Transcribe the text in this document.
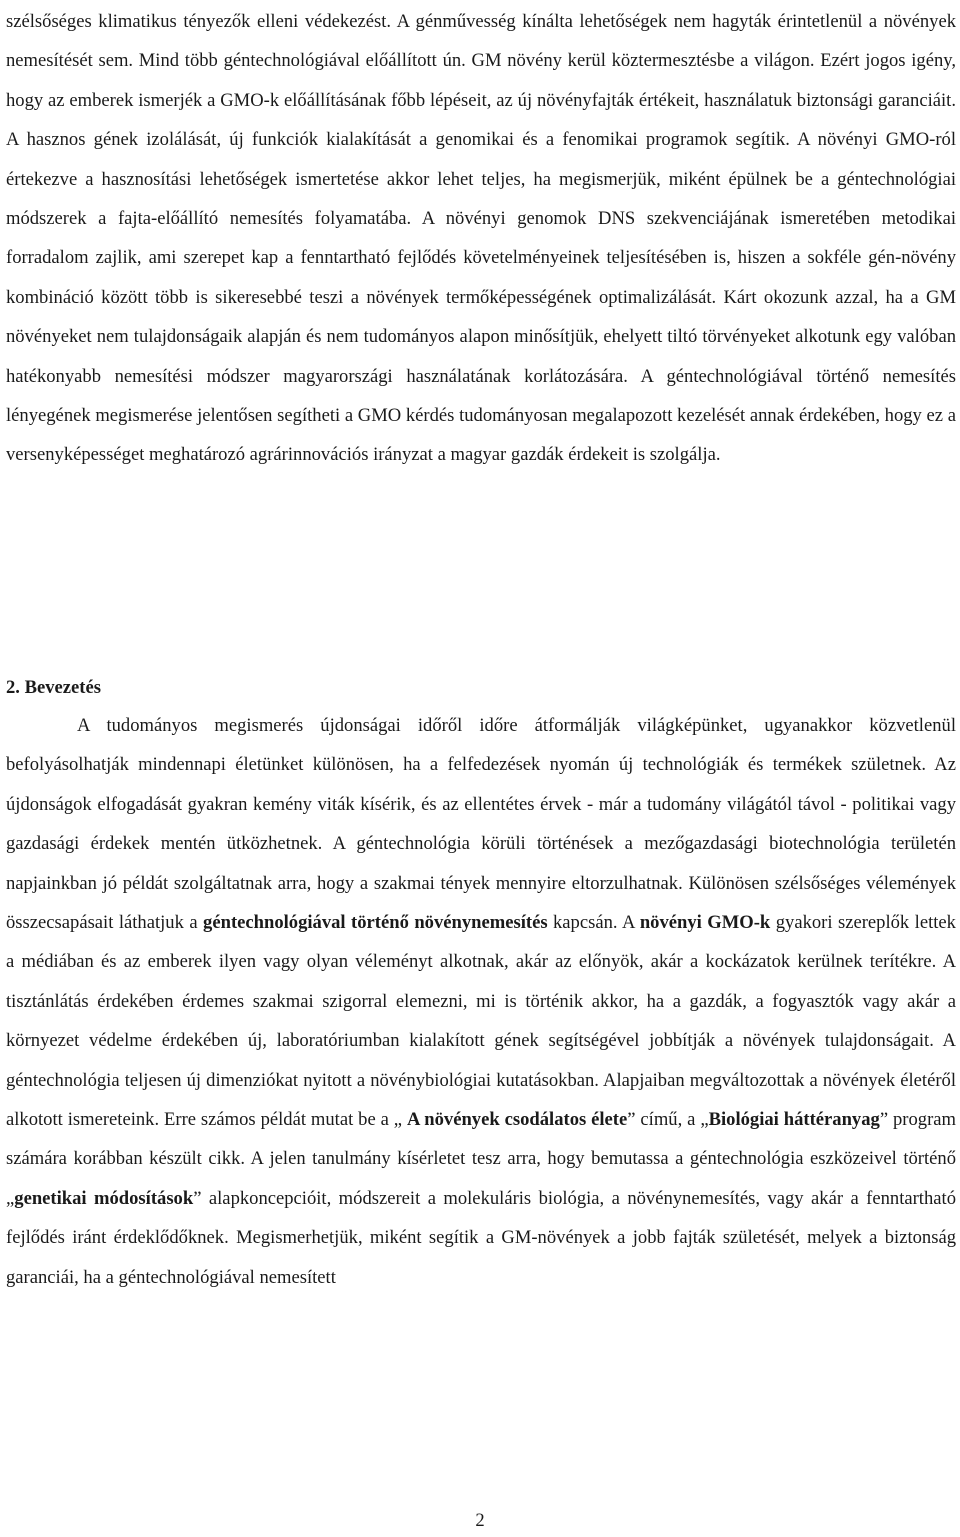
szélsőséges klimatikus tényezők elleni védekezést. A génművesség kínálta lehetőségek nem hagyták érintetlenül a növények nemesítését sem. Mind több géntechnológiával előállított ún. GM növény kerül köztermesztésbe a világon. Ezért jogos igény, hogy az emberek ismerjék a GMO-k előállításának főbb lépéseit, az új növényfajták értékeit, használatuk biztonsági garanciáit. A hasznos gének izolálását, új funkciók kialakítását a genomikai és a fenomikai programok segítik. A növényi GMO-ról értekezve a hasznosítási lehetőségek ismertetése akkor lehet teljes, ha megismerjük, miként épülnek be a géntechnológiai módszerek a fajta-előállító nemesítés folyamatába. A növényi genomok DNS szekvenciájának ismeretében metodikai forradalom zajlik, ami szerepet kap a fenntartható fejlődés követelményeinek teljesítésében is, hiszen a sokféle gén-növény kombináció között több is sikeresebbé teszi a növények termőképességének optimalizálását. Kárt okozunk azzal, ha a GM növényeket nem tulajdonságaik alapján és nem tudományos alapon minősítjük, ehelyett tiltó törvényeket alkotunk egy valóban hatékonyabb nemesítési módszer magyarországi használatának korlátozására. A géntechnológiával történő nemesítés lényegének megismerése jelentősen segítheti a GMO kérdés tudományosan megalapozott kezelését annak érdekében, hogy ez a versenyképességet meghatározó agrárinnovációs irányzat a magyar gazdák érdekeit is szolgálja.

2. Bevezetés

A tudományos megismerés újdonságai időről időre átformálják világképünket, ugyanakkor közvetlenül befolyásolhatják mindennapi életünket különösen, ha a felfedezések nyomán új technológiák és termékek születnek. Az újdonságok elfogadását gyakran kemény viták kísérik, és az ellentétes érvek - már a tudomány világától távol - politikai vagy gazdasági érdekek mentén ütközhetnek. A géntechnológia körüli történések a mezőgazdasági biotechnológia területén napjainkban jó példát szolgáltatnak arra, hogy a szakmai tények mennyire eltorzulhatnak. Különösen szélsőséges vélemények összecsapásait láthatjuk a géntechnológiával történő növénynemesítés kapcsán. A növényi GMO-k gyakori szereplők lettek a médiában és az emberek ilyen vagy olyan véleményt alkotnak, akár az előnyök, akár a kockázatok kerülnek terítékre. A tisztánlátás érdekében érdemes szakmai szigorral elemezni, mi is történik akkor, ha a gazdák, a fogyasztók vagy akár a környezet védelme érdekében új, laboratóriumban kialakított gének segítségével jobbítják a növények tulajdonságait. A géntechnológia teljesen új dimenziókat nyitott a növénybiológiai kutatásokban. Alapjaiban megváltozottak a növények életéről alkotott ismereteink. Erre számos példát mutat be a „ A növények csodálatos élete” című, a „Biológiai háttéranyag” program számára korábban készült cikk. A jelen tanulmány kísérletet tesz arra, hogy bemutassa a géntechnológia eszközeivel történő „genetikai módosítások” alapkoncepcióit, módszereit a molekuláris biológia, a növénynemesítés, vagy akár a fenntartható fejlődés iránt érdeklődőknek. Megismerhetjük, miként segítik a GM-növények a jobb fajták születését, melyek a biztonság garanciái, ha a géntechnológiával nemesített

2
